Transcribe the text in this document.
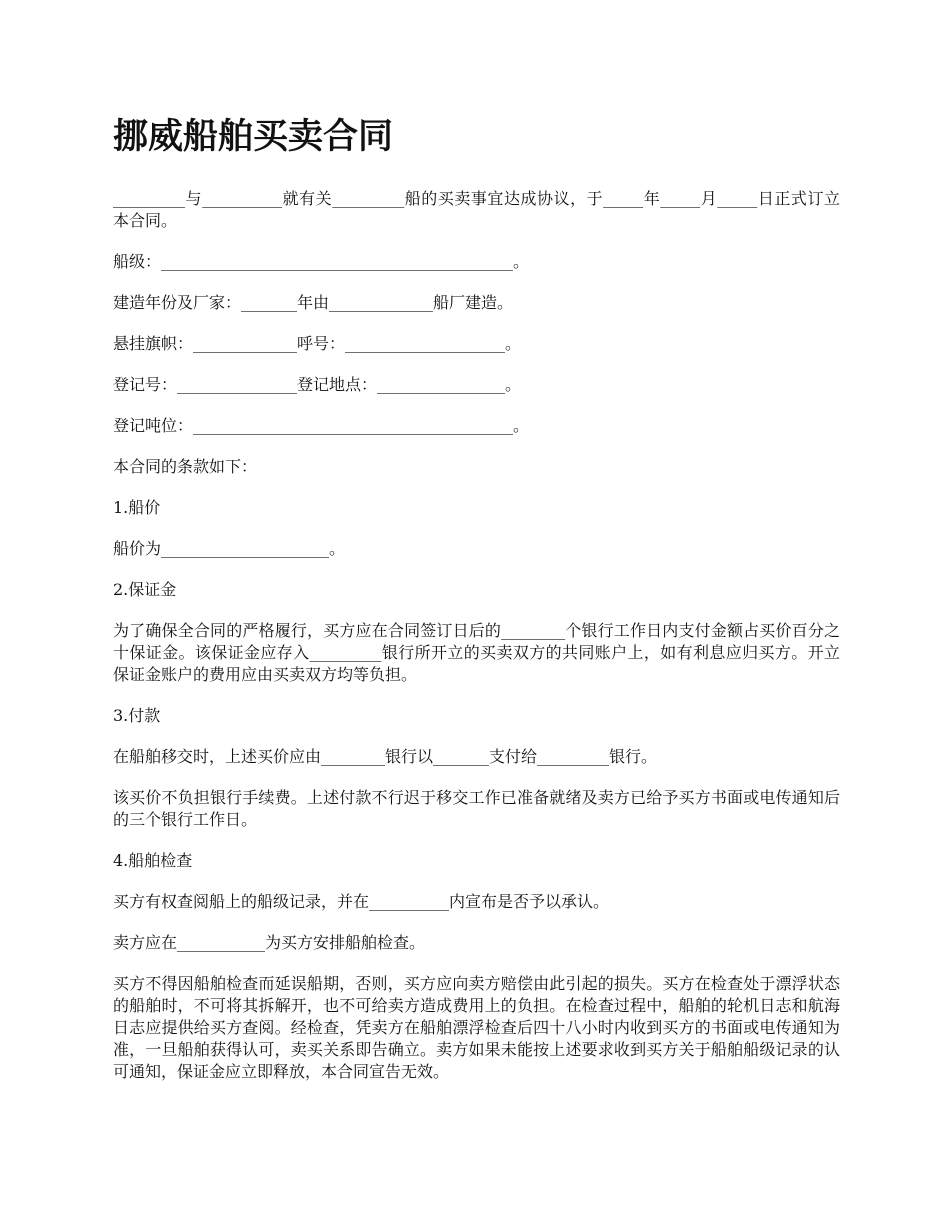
挪威船舶买卖合同

_________与__________就有关_________船的买卖事宜达成协议，于_____年_____月_____日正式订立本合同。

船级：____________________________________________。

建造年份及厂家：_______年由_____________船厂建造。

悬挂旗帜：_____________呼号：____________________。

登记号：_______________登记地点：________________。

登记吨位：________________________________________。

本合同的条款如下：

1.船价

船价为_____________________。

2.保证金

为了确保全合同的严格履行，买方应在合同签订日后的________个银行工作日内支付金额占买价百分之十保证金。该保证金应存入_________银行所开立的买卖双方的共同账户上，如有利息应归买方。开立保证金账户的费用应由买卖双方均等负担。

3.付款

在船舶移交时，上述买价应由________银行以_______支付给_________银行。

该买价不负担银行手续费。上述付款不行迟于移交工作已准备就绪及卖方已给予买方书面或电传通知后的三个银行工作日。

4.船舶检查

买方有权查阅船上的船级记录，并在__________内宣布是否予以承认。

卖方应在___________为买方安排船舶检查。

买方不得因船舶检查而延误船期，否则，买方应向卖方赔偿由此引起的损失。买方在检查处于漂浮状态的船舶时，不可将其拆解开，也不可给卖方造成费用上的负担。在检查过程中，船舶的轮机日志和航海日志应提供给买方查阅。经检查，凭卖方在船舶漂浮检查后四十八小时内收到买方的书面或电传通知为准，一旦船舶获得认可，卖买关系即告确立。卖方如果未能按上述要求收到买方关于船舶船级记录的认可通知，保证金应立即释放，本合同宣告无效。
